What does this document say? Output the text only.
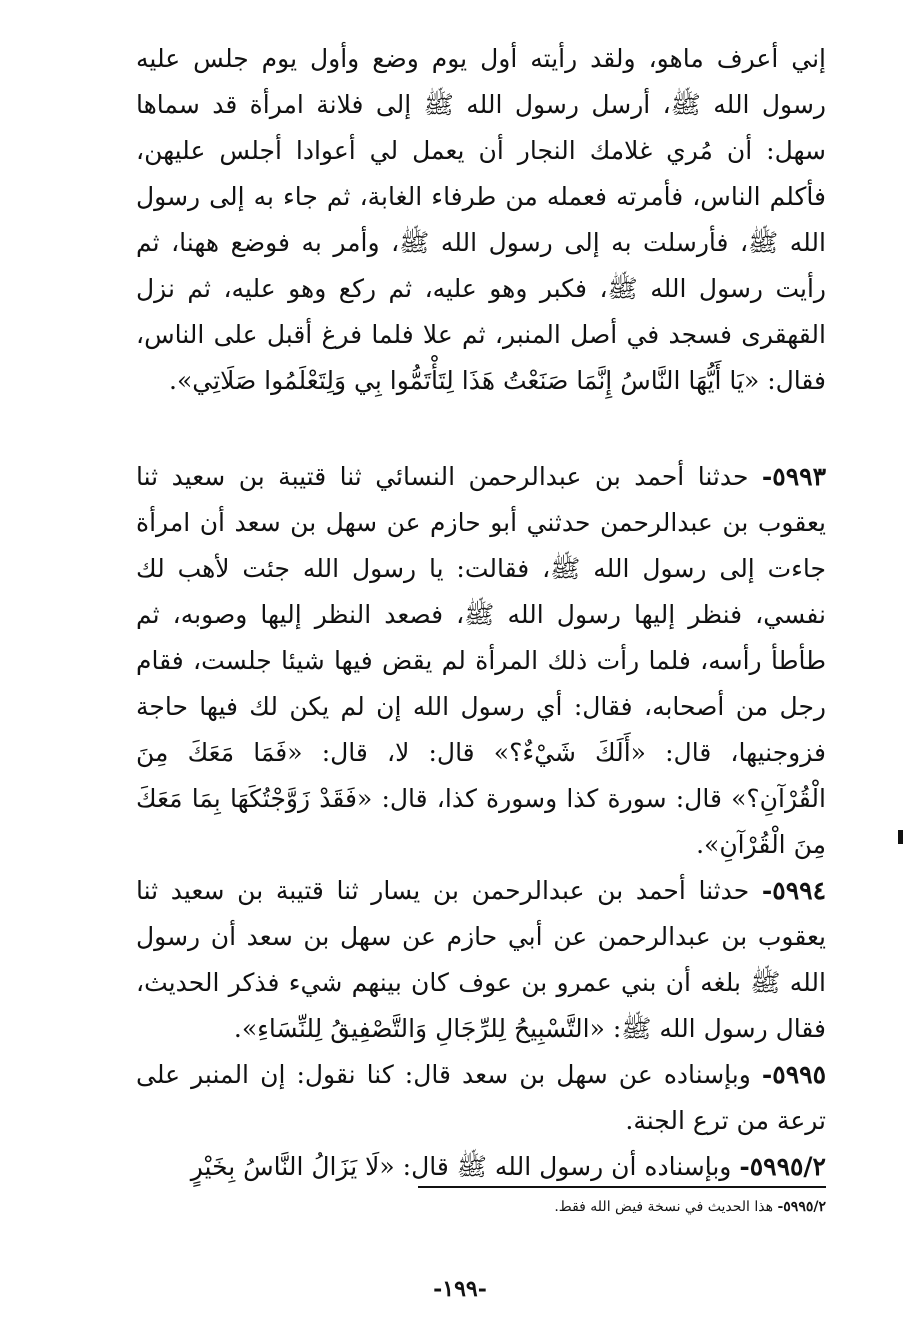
إني أعرف ماهو، ولقد رأيته أول يوم وضع وأول يوم جلس عليه رسول الله ﷺ، أرسل رسول الله ﷺ إلى فلانة امرأة قد سماها سهل: أن مُري غلامك النجار أن يعمل لي أعوادا أجلس عليهن، فأكلم الناس، فأمرته فعمله من طرفاء الغابة، ثم جاء به إلى رسول الله ﷺ، فأرسلت به إلى رسول الله ﷺ، وأمر به فوضع ههنا، ثم رأيت رسول الله ﷺ، فكبر وهو عليه، ثم ركع وهو عليه، ثم نزل القهقرى فسجد في أصل المنبر، ثم علا فلما فرغ أقبل على الناس، فقال: «يَا أَيُّهَا النَّاسُ إِنَّمَا صَنَعْتُ هَذَا لِتَأْتَمُّوا بِي وَلِتَعْلَمُوا صَلَاتِي».

٥٩٩٣- حدثنا أحمد بن عبدالرحمن النسائي ثنا قتيبة بن سعيد ثنا يعقوب بن عبدالرحمن حدثني أبو حازم عن سهل بن سعد أن امرأة جاءت إلى رسول الله ﷺ، فقالت: يا رسول الله جئت لأهب لك نفسي، فنظر إليها رسول الله ﷺ، فصعد النظر إليها وصوبه، ثم طأطأ رأسه، فلما رأت ذلك المرأة لم يقض فيها شيئا جلست، فقام رجل من أصحابه، فقال: أي رسول الله إن لم يكن لك فيها حاجة فزوجنيها، قال: «أَلَكَ شَيْءٌ؟» قال: لا، قال: «فَمَا مَعَكَ مِنَ الْقُرْآنِ؟» قال: سورة كذا وسورة كذا، قال: «فَقَدْ زَوَّجْتُكَهَا بِمَا مَعَكَ مِنَ الْقُرْآنِ».

٥٩٩٤- حدثنا أحمد بن عبدالرحمن بن يسار ثنا قتيبة بن سعيد ثنا يعقوب بن عبدالرحمن عن أبي حازم عن سهل بن سعد أن رسول الله ﷺ بلغه أن بني عمرو بن عوف كان بينهم شيء فذكر الحديث، فقال رسول الله ﷺ: «التَّسْبِيحُ لِلرِّجَالِ وَالتَّصْفِيقُ لِلنِّسَاءِ».

٥٩٩٥- وبإسناده عن سهل بن سعد قال: كنا نقول: إن المنبر على ترعة من ترع الجنة.

٥٩٩٥/٢- وبإسناده أن رسول الله ﷺ قال: «لَا يَزَالُ النَّاسُ بِخَيْرٍ

٥٩٩٥/٢- هذا الحديث في نسخة فيض الله فقط.
-١٩٩-
